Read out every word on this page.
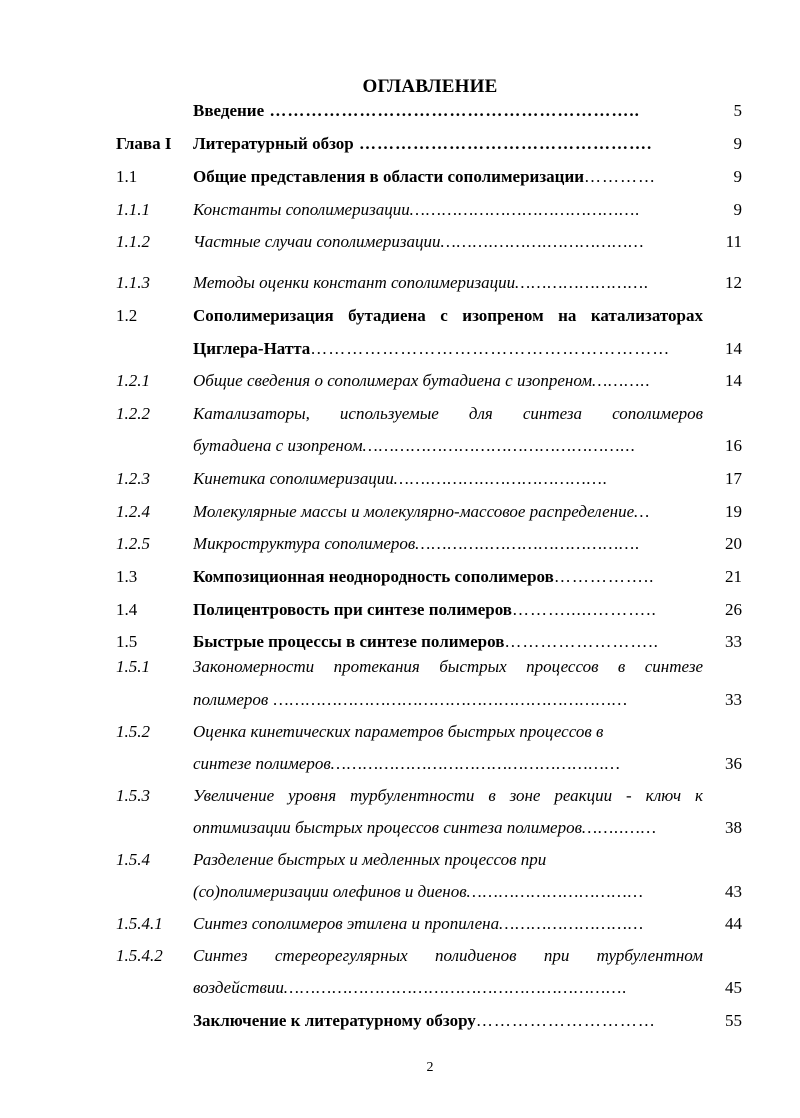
ОГЛАВЛЕНИЕ
Введение ……………………………………………………..	5
Глава I Литературный обзор ………………………………………….	9
1.1	Общие представления в области сополимеризации…………	9
1.1.1	Константы сополимеризации…………………………………….	9
1.1.2	Частные случаи сополимеризации……….……….………………	11
1.1.3	Методы оценки констант сополимеризации…………………….	12
1.2	Сополимеризация бутадиена с изопреном на катализаторах
Циглера-Натта……………………………………………………	14
1.2.1	Общие сведения о сополимерах бутадиена с изопреном………..	14
1.2.2	Катализаторы, используемые для синтеза сополимеров
бутадиена с изопреном…………………………………………...	16
1.2.3	Кинетика сополимеризации…….………..………………….	17
1.2.4	Молекулярные массы и молекулярно-массовое распределение…	19
1.2.5	Микроструктура сополимеров…………..……………………….	20
1.3	Композиционная неоднородность сополимеров……………..	21
1.4	Полицентровость при синтезе полимеров……….....………..	26
1.5	Быстрые процессы в синтезе полимеров……………………..	33
1.5.1	Закономерности протекания быстрых процессов в синтезе
полимеров …………………………………………………………	33
1.5.2	Оценка кинетических параметров быстрых процессов в
синтезе полимеров………………………………………………	36
1.5.3	Увеличение уровня турбулентности в зоне реакции - ключ к
оптимизации быстрых процессов синтеза полимеров……..……	38
1.5.4	Разделение быстрых и медленных процессов при
(со)полимеризации олефинов и диенов……………………………	43
1.5.4.1 Синтез сополимеров этилена и пропилена………………………	44
1.5.4.2 Синтез стереорегулярных полидиенов при турбулентном
воздействии……………………………………………………….	45
Заключение к литературному обзору…………………………	55
2
